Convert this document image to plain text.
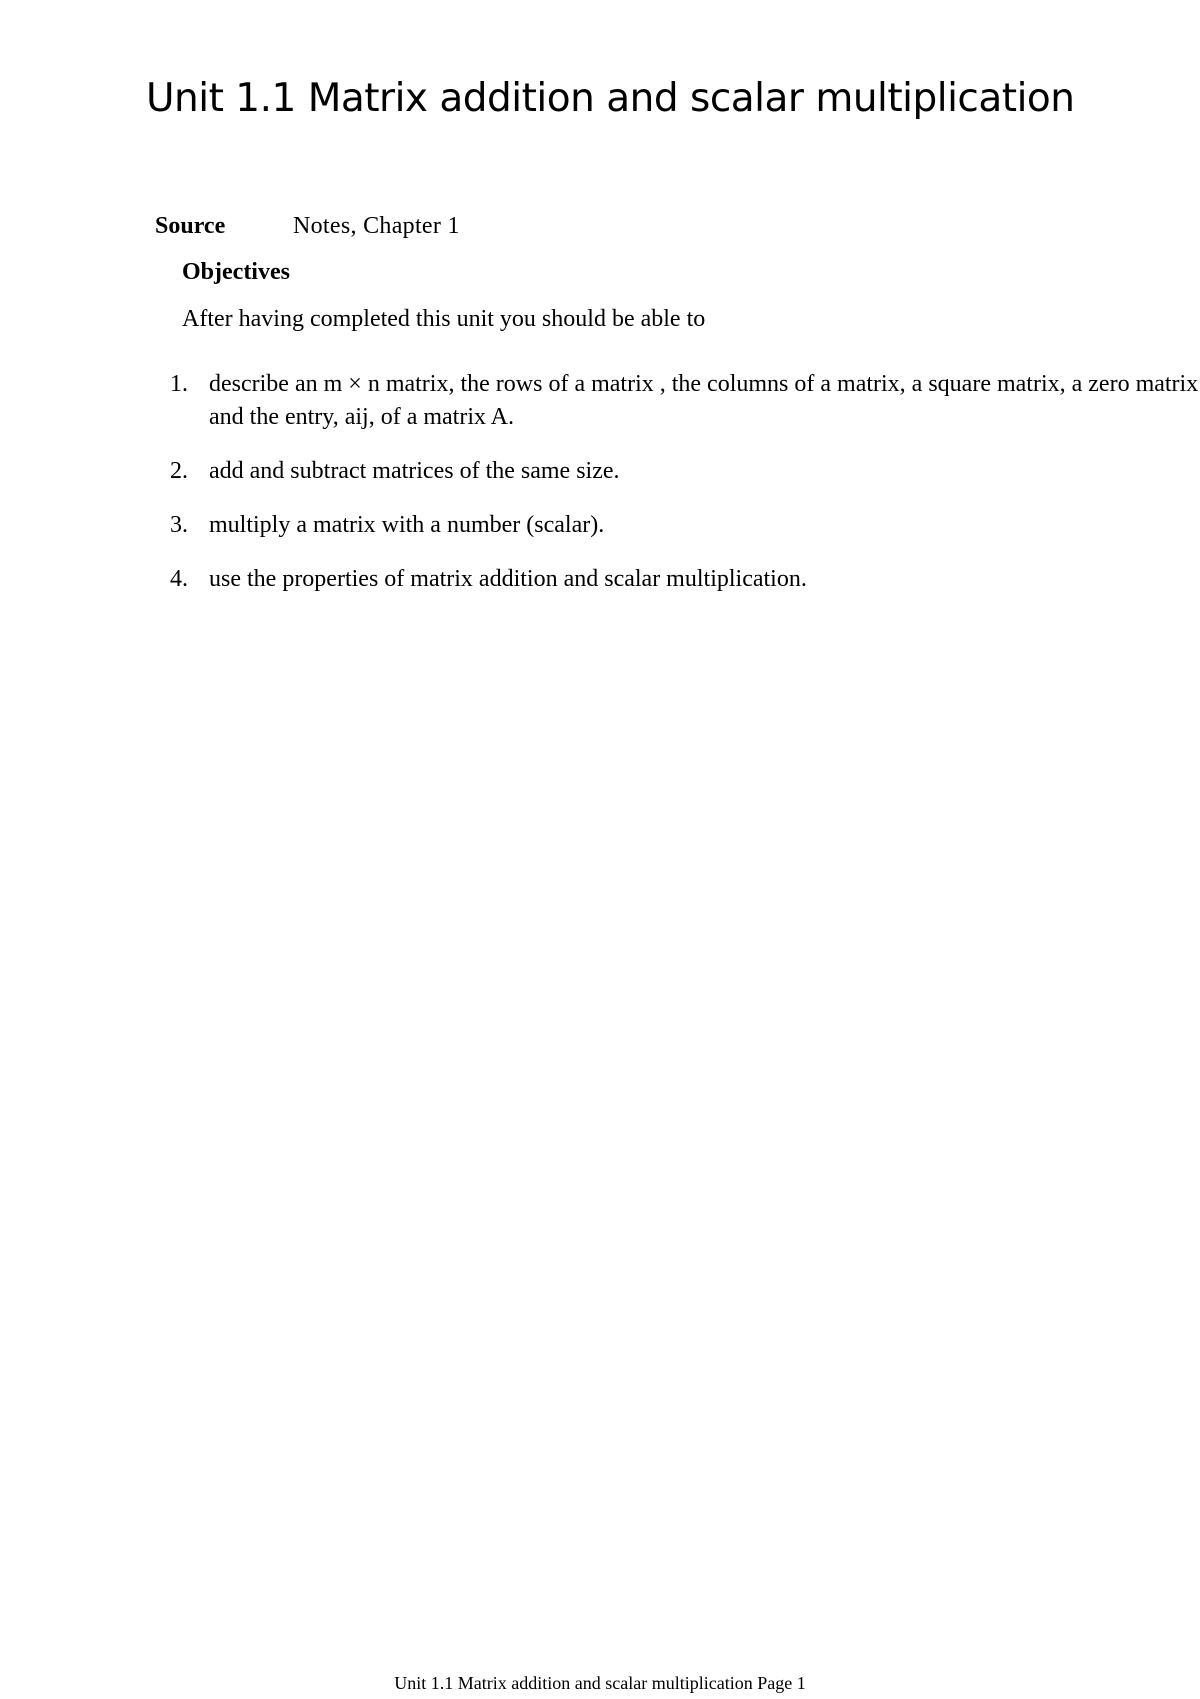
Unit 1.1 Matrix addition and scalar multiplication
Source	Notes, Chapter 1
Objectives

After having completed this unit you should be able to

1. describe an m × n matrix, the rows of a matrix , the columns of a matrix, a square matrix, a zero matrix and the entry, aij, of a matrix A.
2. add and subtract matrices of the same size.
3. multiply a matrix with a number (scalar).
4. use the properties of matrix addition and scalar multiplication.
Unit 1.1 Matrix addition and scalar multiplication Page 1
